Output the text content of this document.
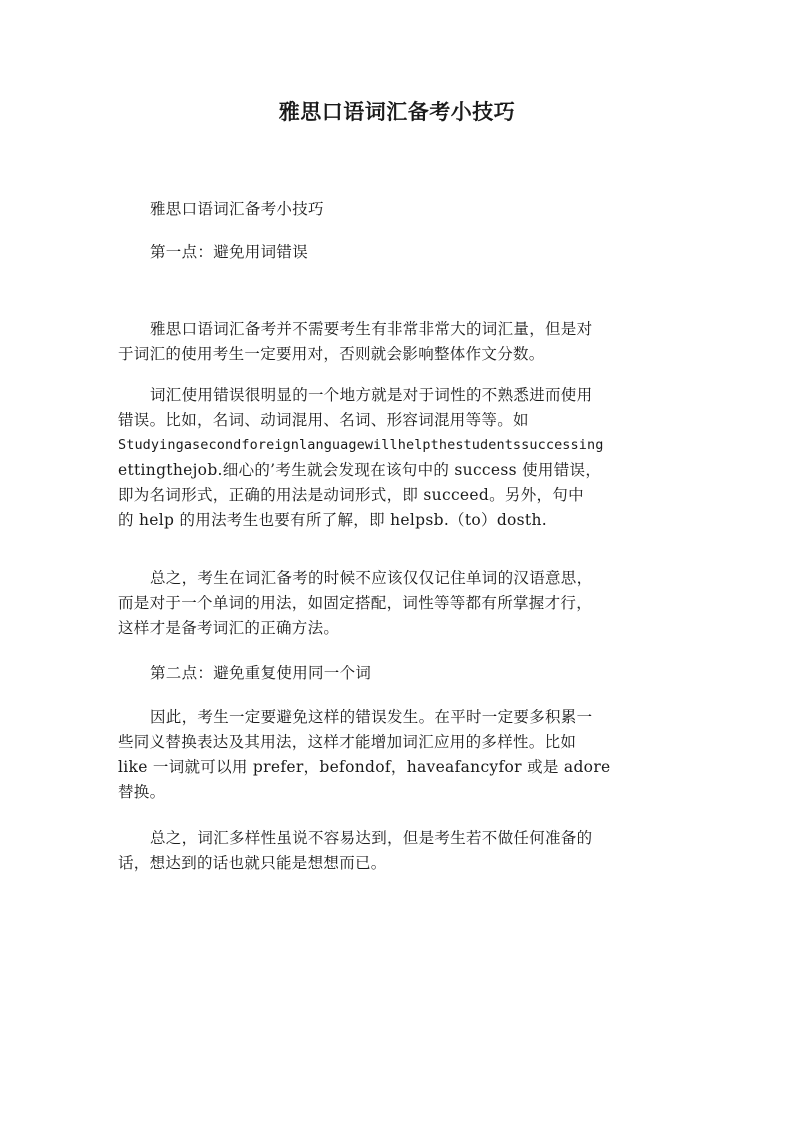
雅思口语词汇备考小技巧

雅思口语词汇备考小技巧

第一点：避免用词错误

雅思口语词汇备考并不需要考生有非常非常大的词汇量，但是对
于词汇的使用考生一定要用对，否则就会影响整体作文分数。

词汇使用错误很明显的一个地方就是对于词性的不熟悉进而使用
错误。比如，名词、动词混用、名词、形容词混用等等。如
Studyingasecondforeignlanguagewillhelpthestudentssuccessing
ettingthejob.细心的’考生就会发现在该句中的 success 使用错误，
即为名词形式，正确的用法是动词形式，即 succeed。另外，句中
的 help 的用法考生也要有所了解，即 helpsb.（to）dosth.

总之，考生在词汇备考的时候不应该仅仅记住单词的汉语意思，
而是对于一个单词的用法，如固定搭配，词性等等都有所掌握才行，
这样才是备考词汇的正确方法。

第二点：避免重复使用同一个词

因此，考生一定要避免这样的错误发生。在平时一定要多积累一
些同义替换表达及其用法，这样才能增加词汇应用的多样性。比如
like 一词就可以用 prefer，befondof，haveafancyfor 或是 adore
替换。

总之，词汇多样性虽说不容易达到，但是考生若不做任何准备的
话，想达到的话也就只能是想想而已。
